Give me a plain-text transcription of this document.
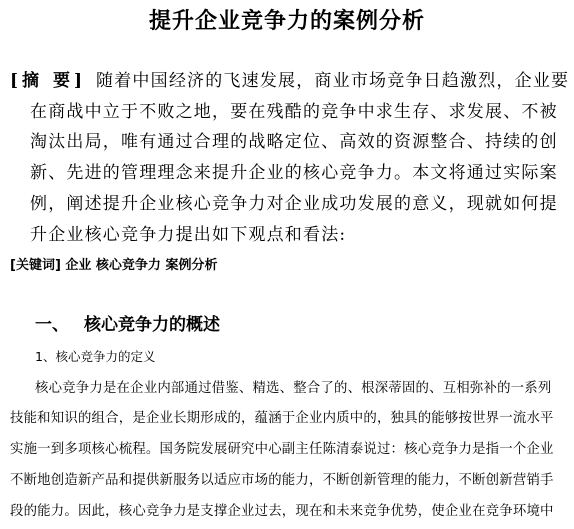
提升企业竞争力的案例分析
[摘 要] 随着中国经济的飞速发展，商业市场竞争日趋激烈，企业要
在商战中立于不败之地，要在残酷的竞争中求生存、求发展、不被
淘汰出局，唯有通过合理的战略定位、高效的资源整合、持续的创
新、先进的管理理念来提升企业的核心竞争力。本文将通过实际案
例，阐述提升企业核心竞争力对企业成功发展的意义，现就如何提
升企业核心竞争力提出如下观点和看法:
[关键词] 企业 核心竞争力 案例分析
一、 核心竞争力的概述
1、核心竞争力的定义
核心竞争力是在企业内部通过借鉴、精选、整合了的、根深蒂固的、互相弥补的一系列
技能和知识的组合，是企业长期形成的，蕴涵于企业内质中的，独具的能够按世界一流水平
实施一到多项核心梳程。国务院发展研究中心副主任陈清泰说过：核心竞争力是指一个企业
不断地创造新产品和提供新服务以适应市场的能力，不断创新管理的能力，不断创新营销手
段的能力。因此，核心竞争力是支撑企业过去，现在和未来竞争优势，使企业在竞争环境中
